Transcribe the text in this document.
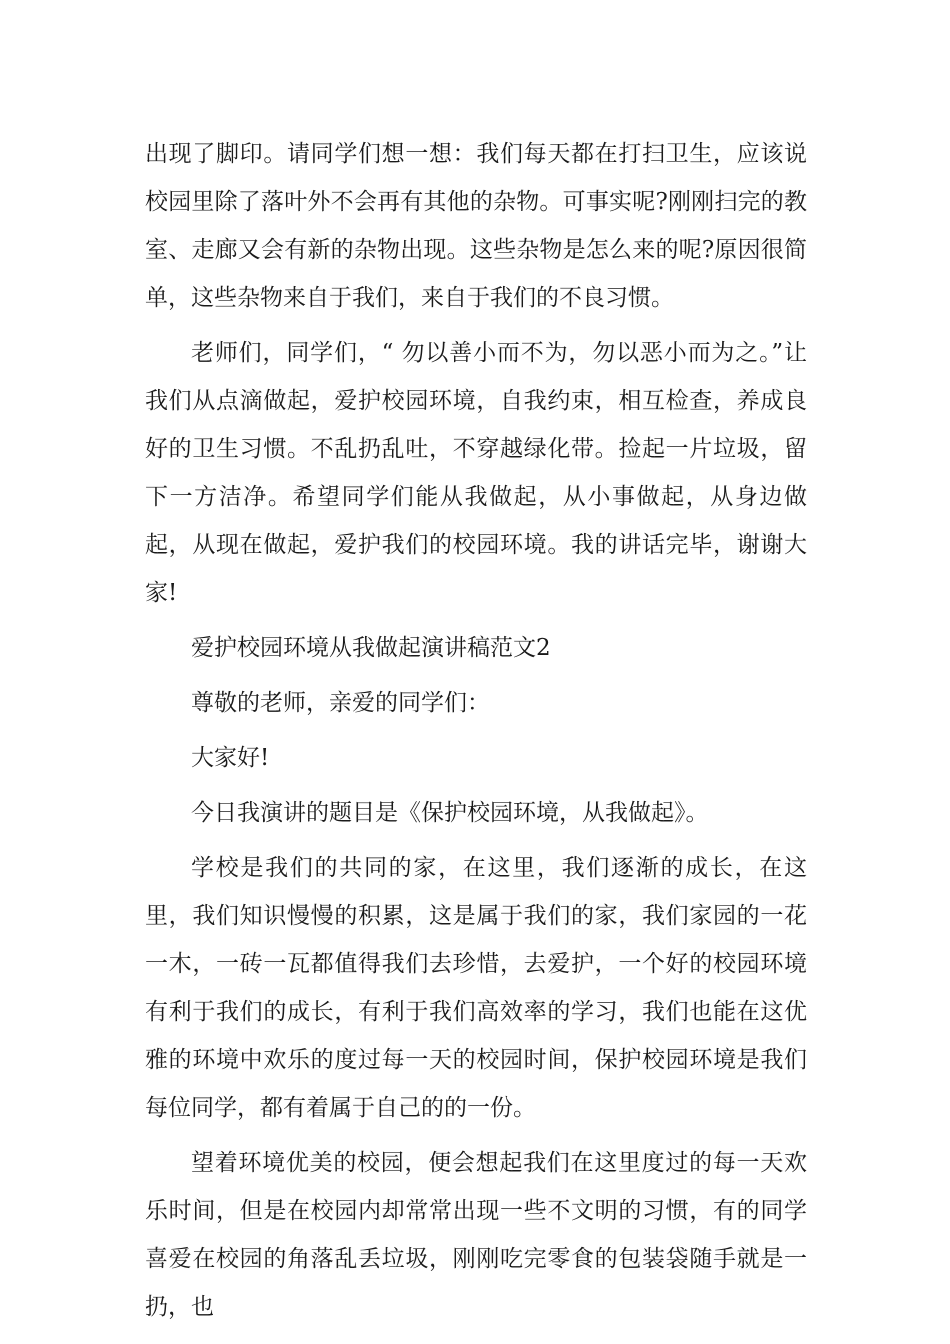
出现了脚印。请同学们想一想：我们每天都在打扫卫生，应该说校园里除了落叶外不会再有其他的杂物。可事实呢?刚刚扫完的教室、走廊又会有新的杂物出现。这些杂物是怎么来的呢?原因很简单，这些杂物来自于我们，来自于我们的不良习惯。

老师们，同学们，“ 勿以善小而不为，勿以恶小而为之。”让我们从点滴做起，爱护校园环境，自我约束，相互检查，养成良好的卫生习惯。不乱扔乱吐，不穿越绿化带。捡起一片垃圾，留下一方洁净。希望同学们能从我做起，从小事做起，从身边做起，从现在做起，爱护我们的校园环境。我的讲话完毕，谢谢大家!

爱护校园环境从我做起演讲稿范文2

尊敬的老师，亲爱的同学们：

大家好!

今日我演讲的题目是《保护校园环境，从我做起》。

学校是我们的共同的家，在这里，我们逐渐的成长，在这里，我们知识慢慢的积累，这是属于我们的家，我们家园的一花一木，一砖一瓦都值得我们去珍惜，去爱护，一个好的校园环境有利于我们的成长，有利于我们高效率的学习，我们也能在这优雅的环境中欢乐的度过每一天的校园时间，保护校园环境是我们每位同学，都有着属于自己的的一份。

望着环境优美的校园，便会想起我们在这里度过的每一天欢乐时间，但是在校园内却常常出现一些不文明的习惯，有的同学喜爱在校园的角落乱丢垃圾，刚刚吃完零食的包装袋随手就是一扔，也
